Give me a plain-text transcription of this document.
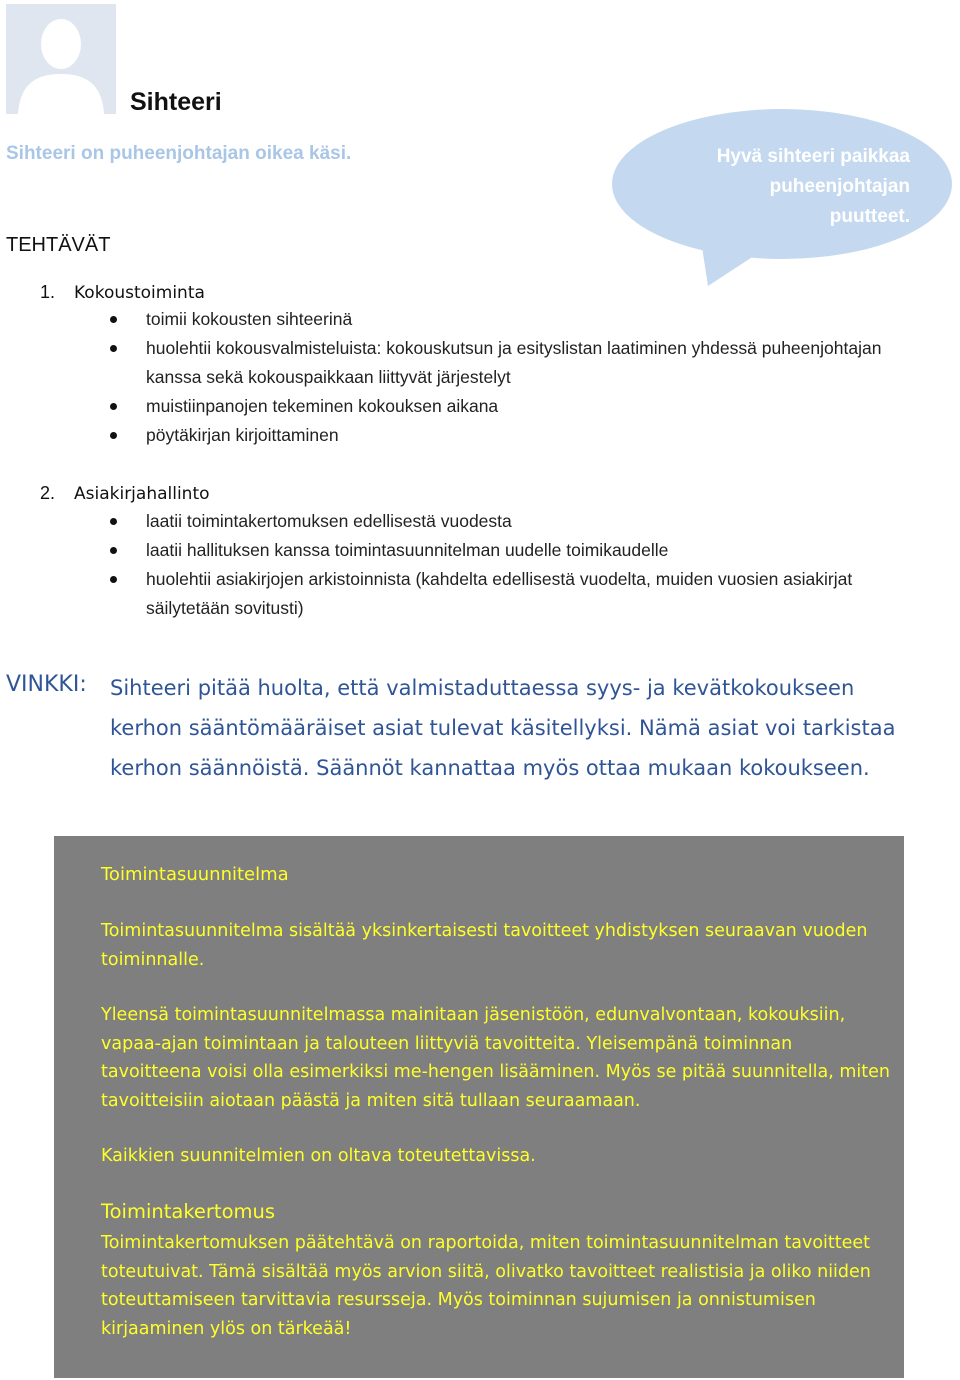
Sihteeri
Sihteeri on puheenjohtajan oikea käsi.
TEHTÄVÄT
Hyvä sihteeri paikkaa
puheenjohtajan
puutteet.
1. Kokoustoiminta
toimii kokousten sihteerinä
huolehtii kokousvalmisteluista: kokouskutsun ja esityslistan laatiminen yhdessä puheenjohtajan kanssa sekä kokouspaikkaan liittyvät järjestelyt
muistiinpanojen tekeminen kokouksen aikana
pöytäkirjan kirjoittaminen
2. Asiakirjahallinto
laatii toimintakertomuksen edellisestä vuodesta
laatii hallituksen kanssa toimintasuunnitelman uudelle toimikaudelle
huolehtii asiakirjojen arkistoinnista (kahdelta edellisestä vuodelta, muiden vuosien asiakirjat säilytetään sovitusti)
VINKKI: Sihteeri pitää huolta, että valmistaduttaessa syys- ja kevätkokoukseen kerhon sääntömääräiset asiat tulevat käsitellyksi. Nämä asiat voi tarkistaa kerhon säännöistä. Säännöt kannattaa myös ottaa mukaan kokoukseen.
Toimintasuunnitelma
Toimintasuunnitelma sisältää yksinkertaisesti tavoitteet yhdistyksen seuraavan vuoden toiminnalle.
Yleensä toimintasuunnitelmassa mainitaan jäsenistöön, edunvalvontaan, kokouksiin, vapaa-ajan toimintaan ja talouteen liittyviä tavoitteita. Yleisempänä toiminnan tavoitteena voisi olla esimerkiksi me-hengen lisääminen. Myös se pitää suunnitella, miten tavoitteisiin aiotaan päästä ja miten sitä tullaan seuraamaan.
Kaikkien suunnitelmien on oltava toteutettavissa.
Toimintakertomus
Toimintakertomuksen päätehtävä on raportoida, miten toimintasuunnitelman tavoitteet toteutuivat. Tämä sisältää myös arvion siitä, olivatko tavoitteet realistisia ja oliko niiden toteuttamiseen tarvittavia resursseja. Myös toiminnan sujumisen ja onnistumisen kirjaaminen ylös on tärkeää!
